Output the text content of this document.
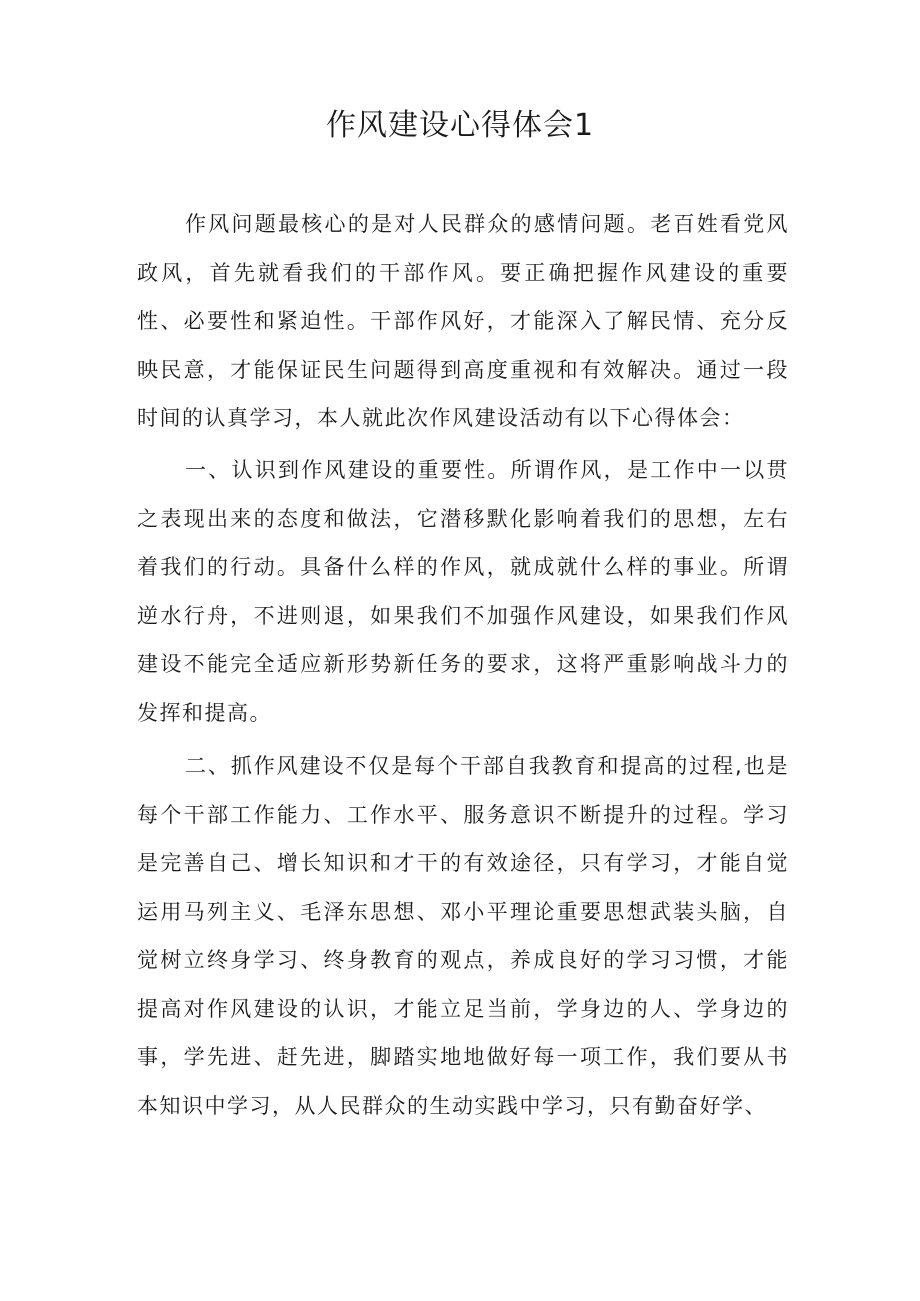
作风建设心得体会1

作风问题最核心的是对人民群众的感情问题。老百姓看党风政风，首先就看我们的干部作风。要正确把握作风建设的重要性、必要性和紧迫性。干部作风好，才能深入了解民情、充分反映民意，才能保证民生问题得到高度重视和有效解决。通过一段时间的认真学习，本人就此次作风建设活动有以下心得体会：

一、认识到作风建设的重要性。所谓作风，是工作中一以贯之表现出来的态度和做法，它潜移默化影响着我们的思想，左右着我们的行动。具备什么样的作风，就成就什么样的事业。所谓逆水行舟，不进则退，如果我们不加强作风建设，如果我们作风建设不能完全适应新形势新任务的要求，这将严重影响战斗力的发挥和提高。

二、抓作风建设不仅是每个干部自我教育和提高的过程,也是每个干部工作能力、工作水平、服务意识不断提升的过程。学习是完善自己、增长知识和才干的有效途径，只有学习，才能自觉运用马列主义、毛泽东思想、邓小平理论重要思想武装头脑，自觉树立终身学习、终身教育的观点，养成良好的学习习惯，才能提高对作风建设的认识，才能立足当前，学身边的人、学身边的事，学先进、赶先进，脚踏实地地做好每一项工作，我们要从书本知识中学习，从人民群众的生动实践中学习，只有勤奋好学、
